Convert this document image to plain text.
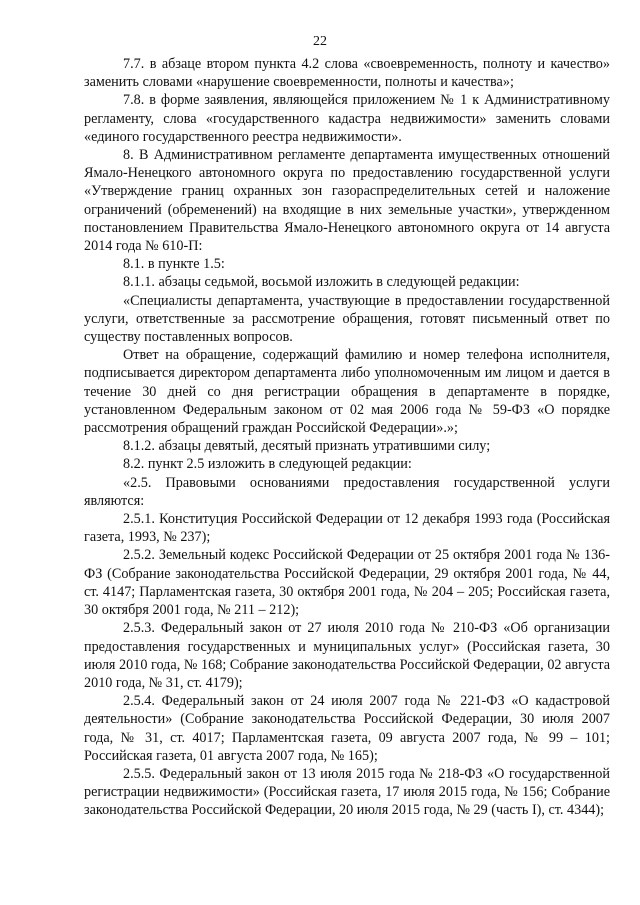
22

7.7. в абзаце втором пункта 4.2 слова «своевременность, полноту и качество» заменить словами «нарушение своевременности, полноты и качества»;

7.8. в форме заявления, являющейся приложением № 1 к Административному регламенту, слова «государственного кадастра недвижимости» заменить словами «единого государственного реестра недвижимости».

8. В Административном регламенте департамента имущественных отношений Ямало-Ненецкого автономного округа по предоставлению государственной услуги «Утверждение границ охранных зон газораспределительных сетей и наложение ограничений (обременений) на входящие в них земельные участки», утвержденном постановлением Правительства Ямало-Ненецкого автономного округа от 14 августа 2014 года № 610-П:

8.1. в пункте 1.5:

8.1.1. абзацы седьмой, восьмой изложить в следующей редакции:

«Специалисты департамента, участвующие в предоставлении государственной услуги, ответственные за рассмотрение обращения, готовят письменный ответ по существу поставленных вопросов.

Ответ на обращение, содержащий фамилию и номер телефона исполнителя, подписывается директором департамента либо уполномоченным им лицом и дается в течение 30 дней со дня регистрации обращения в департаменте в порядке, установленном Федеральным законом от 02 мая 2006 года № 59-ФЗ «О порядке рассмотрения обращений граждан Российской Федерации».»;

8.1.2. абзацы девятый, десятый признать утратившими силу;

8.2. пункт 2.5 изложить в следующей редакции:

«2.5. Правовыми основаниями предоставления государственной услуги являются:

2.5.1. Конституция Российской Федерации от 12 декабря 1993 года (Российская газета, 1993, № 237);

2.5.2. Земельный кодекс Российской Федерации от 25 октября 2001 года № 136-ФЗ (Собрание законодательства Российской Федерации, 29 октября 2001 года, № 44, ст. 4147; Парламентская газета, 30 октября 2001 года, № 204 – 205; Российская газета, 30 октября 2001 года, № 211 – 212);

2.5.3. Федеральный закон от 27 июля 2010 года № 210-ФЗ «Об организации предоставления государственных и муниципальных услуг» (Российская газета, 30 июля 2010 года, № 168; Собрание законодательства Российской Федерации, 02 августа 2010 года, № 31, ст. 4179);

2.5.4. Федеральный закон от 24 июля 2007 года № 221-ФЗ «О кадастровой деятельности» (Собрание законодательства Российской Федерации, 30 июля 2007 года, № 31, ст. 4017; Парламентская газета, 09 августа 2007 года, № 99 – 101; Российская газета, 01 августа 2007 года, № 165);

2.5.5. Федеральный закон от 13 июля 2015 года № 218-ФЗ «О государственной регистрации недвижимости» (Российская газета, 17 июля 2015 года, № 156; Собрание законодательства Российской Федерации, 20 июля 2015 года, № 29 (часть I), ст. 4344);
